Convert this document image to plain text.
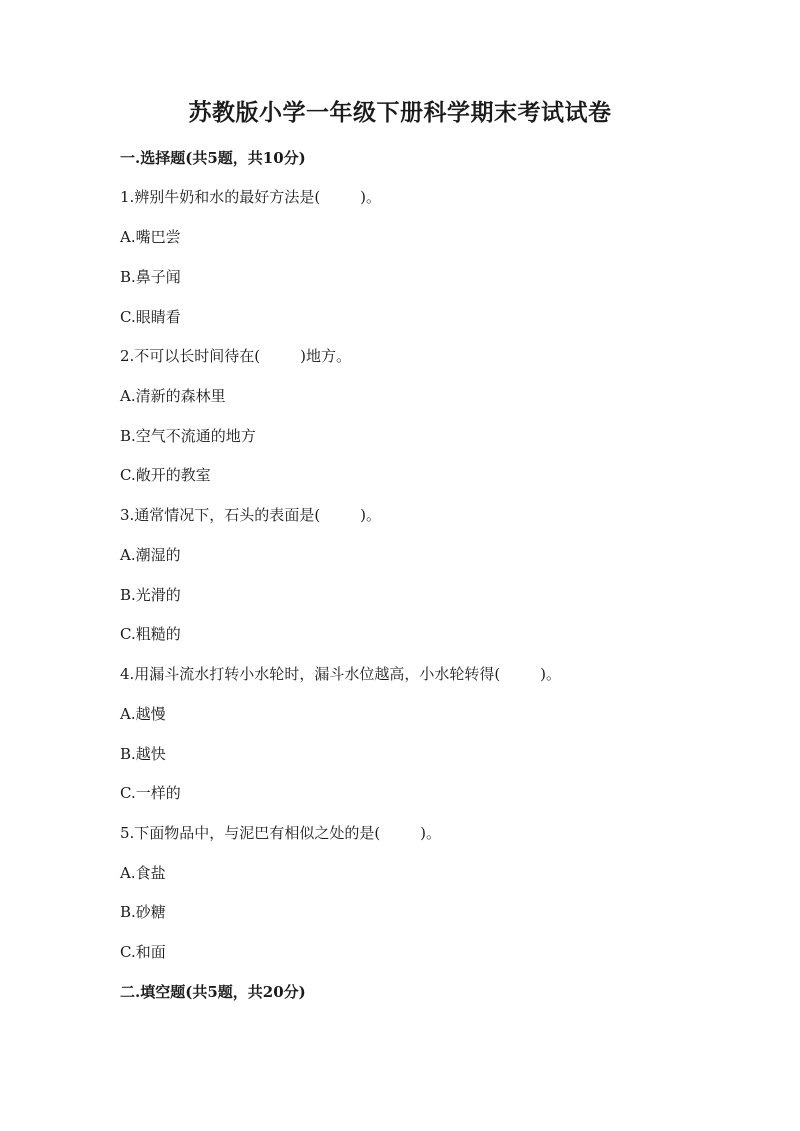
苏教版小学一年级下册科学期末考试试卷
一.选择题(共5题，共10分)
1.辨别牛奶和水的最好方法是(	)。
A.嘴巴尝
B.鼻子闻
C.眼睛看
2.不可以长时间待在(	)地方。
A.清新的森林里
B.空气不流通的地方
C.敞开的教室
3.通常情况下，石头的表面是(	)。
A.潮湿的
B.光滑的
C.粗糙的
4.用漏斗流水打转小水轮时，漏斗水位越高，小水轮转得(	)。
A.越慢
B.越快
C.一样的
5.下面物品中，与泥巴有相似之处的是(	)。
A.食盐
B.砂糖
C.和面
二.填空题(共5题，共20分)
